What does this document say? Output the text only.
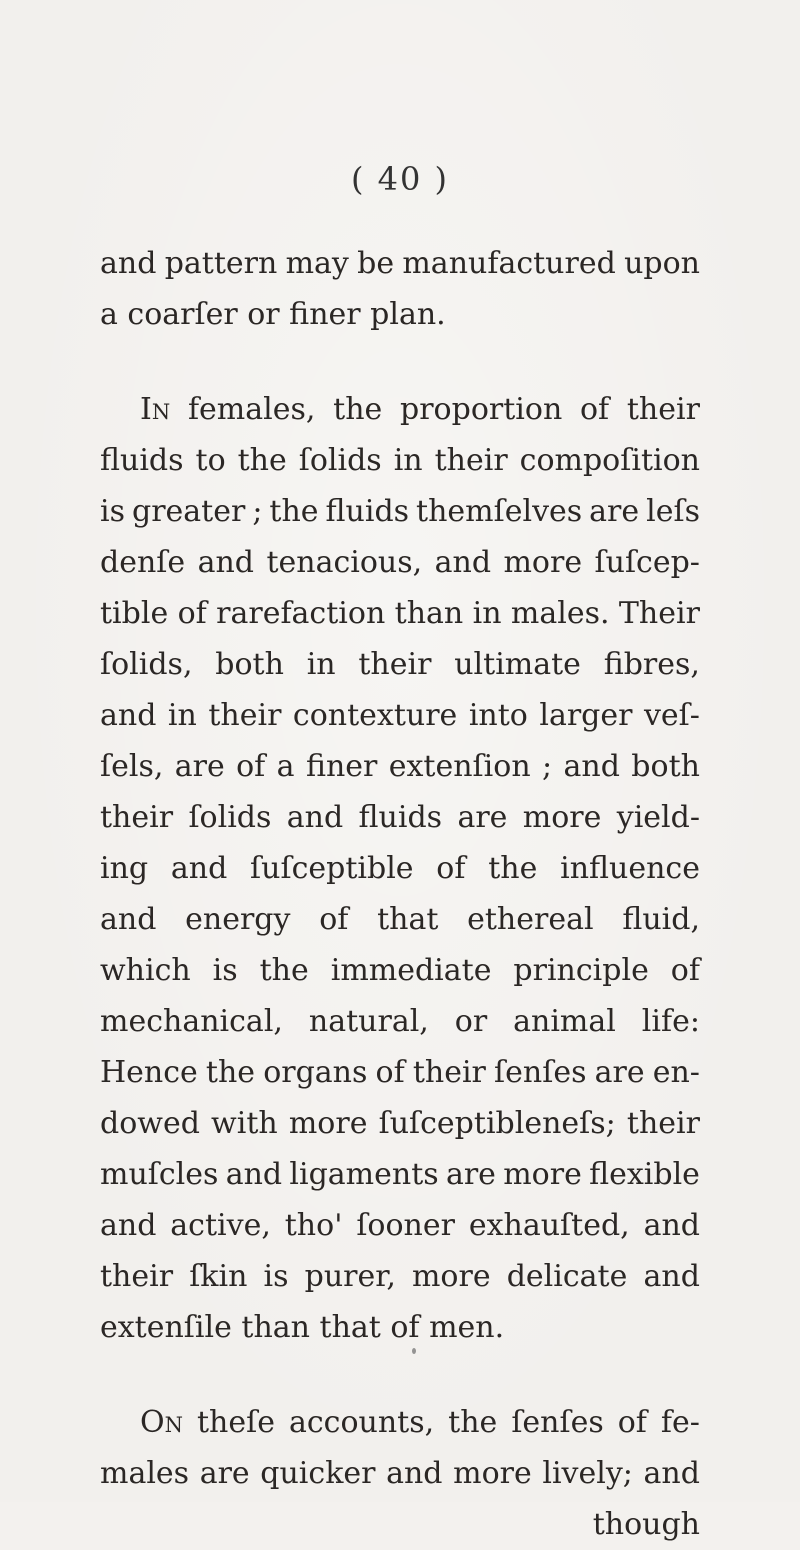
( 40 )
and pattern may be manufactured upon
a coarſer or finer plan.
In females, the proportion of their
fluids to the ſolids in their compoſition
is greater ; the fluids themſelves are leſs
denſe and tenacious, and more ſuſcep-
tible of rarefaction than in males. Their
ſolids, both in their ultimate fibres,
and in their contexture into larger veſ-
ſels, are of a finer extenſion ; and both
their ſolids and fluids are more yield-
ing and ſuſceptible of the influence
and energy of that ethereal fluid,
which is the immediate principle of
mechanical, natural, or animal life:
Hence the organs of their ſenſes are en-
dowed with more ſuſceptibleneſs; their
muſcles and ligaments are more flexible
and active, tho' ſooner exhauſted, and
their ſkin is purer, more delicate and
extenſile than that of men.
On theſe accounts, the ſenſes of fe-
males are quicker and more lively; and
though
